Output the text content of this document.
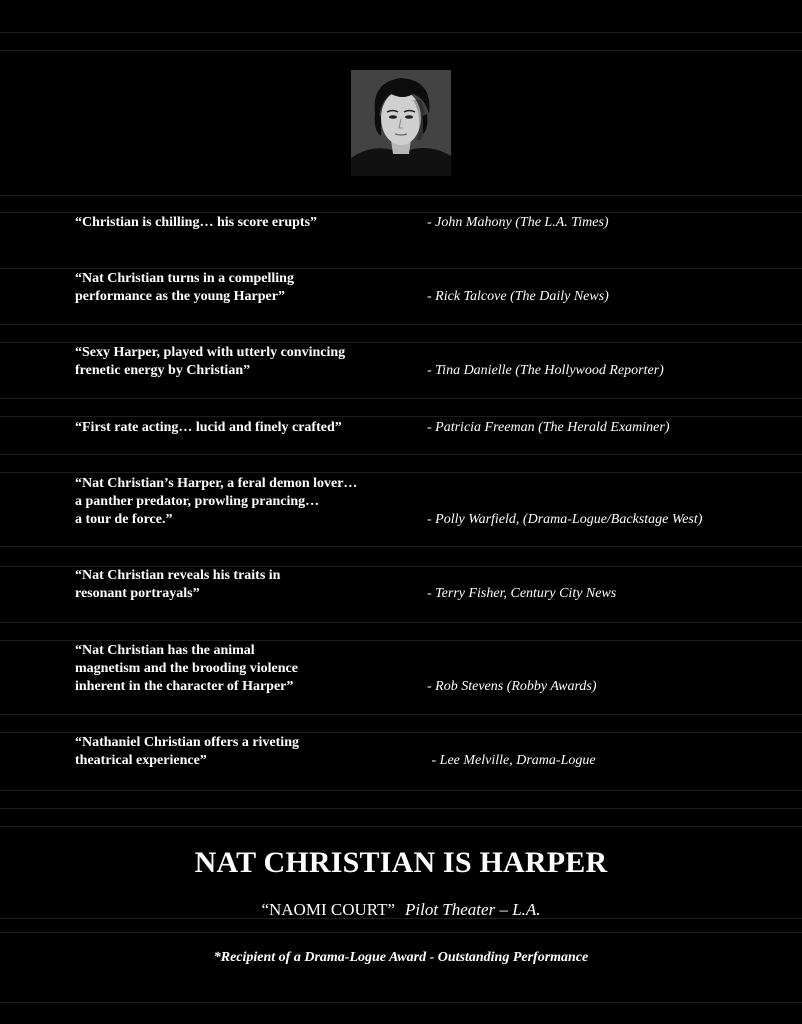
“Christian is chilling… his score erupts”	- John Mahony (The L.A. Times)
“Nat Christian turns in a compelling
performance as the young Harper”	- Rick Talcove (The Daily News)
“Sexy Harper, played with utterly convincing
frenetic energy by Christian”	- Tina Danielle (The Hollywood Reporter)
“First rate acting… lucid and finely crafted”	- Patricia Freeman (The Herald Examiner)
“Nat Christian’s Harper, a feral demon lover…
a panther predator, prowling prancing…
a tour de force.”	- Polly Warfield, (Drama-Logue/Backstage West)
“Nat Christian reveals his traits in
resonant portrayals”	- Terry Fisher, Century City News
“Nat Christian has the animal
magnetism and the brooding violence
inherent in the character of Harper”	- Rob Stevens (Robby Awards)
“Nathaniel Christian offers a riveting
theatrical experience”	- Lee Melville, Drama-Logue
NAT CHRISTIAN IS HARPER
“NAOMI COURT” Pilot Theater – L.A.
*Recipient of a Drama-Logue Award - Outstanding Performance
